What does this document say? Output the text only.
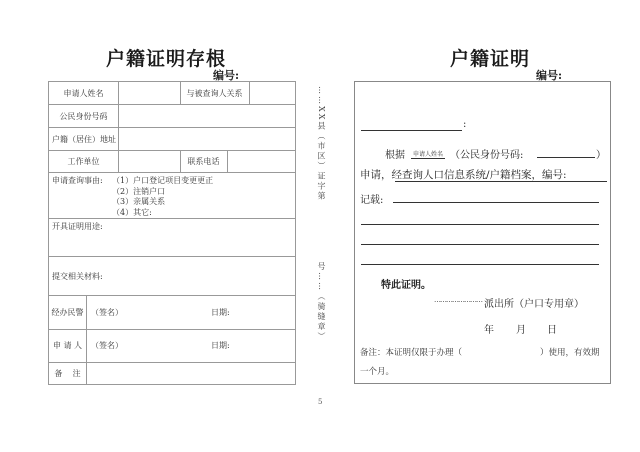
户籍证明存根
编号:
申请人姓名	与被查询人关系
公民身份号码
户籍（居住）地址
工作单位	联系电话
申请查询事由: （1）户口登记项目变更更正
（2）注销户口
（3）亲属关系
（4）其它:
开具证明用途:
提交相关材料:
经办民警 （签名）	日期:
申 请 人	（签名）	日期:
备    注
……XX县（市区）证字第
号……（骑缝章）
户籍证明
编号:
:
根据	申请人姓名 （公民身份号码:	）
申请，经查询人口信息系统/户籍档案，编号:
记载:
特此证明。
…………………… 派出所（户口专用章）
年 月 日
备注：本证明仅限于办理（	）使用，有效期
一个月。
5
